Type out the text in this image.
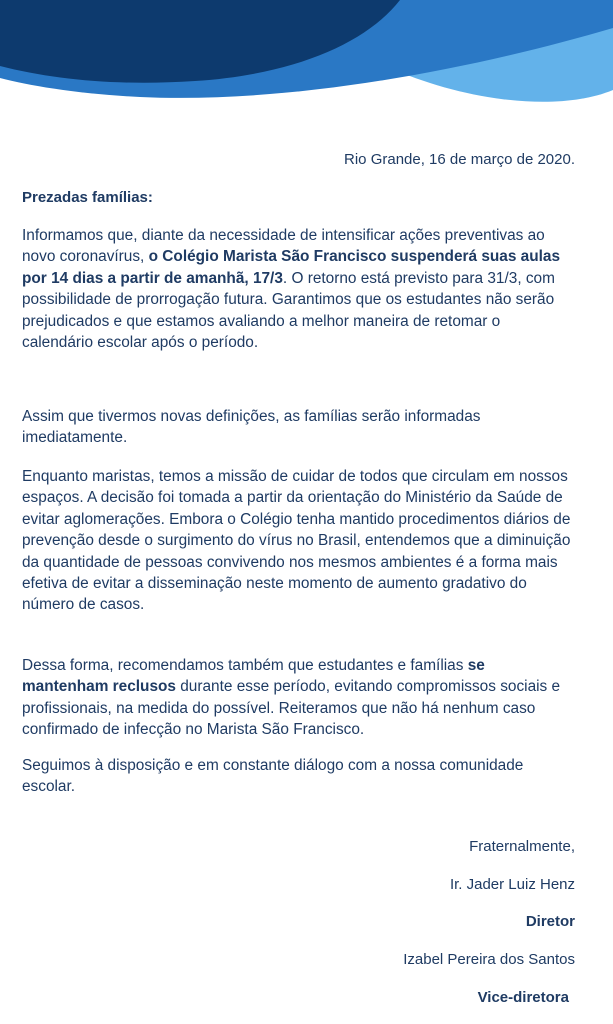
Rio Grande, 16 de março de 2020.
Prezadas famílias:

Informamos que, diante da necessidade de intensificar ações preventivas ao novo coronavírus, o Colégio Marista São Francisco suspenderá suas aulas por 14 dias a partir de amanhã, 17/3. O retorno está previsto para 31/3, com possibilidade de prorrogação futura. Garantimos que os estudantes não serão prejudicados e que estamos avaliando a melhor maneira de retomar o calendário escolar após o período.

Assim que tivermos novas definições, as famílias serão informadas imediatamente.

Enquanto maristas, temos a missão de cuidar de todos que circulam em nossos espaços. A decisão foi tomada a partir da orientação do Ministério da Saúde de evitar aglomerações. Embora o Colégio tenha mantido procedimentos diários de prevenção desde o surgimento do vírus no Brasil, entendemos que a diminuição da quantidade de pessoas convivendo nos mesmos ambientes é a forma mais efetiva de evitar a disseminação neste momento de aumento gradativo do número de casos.

Dessa forma, recomendamos também que estudantes e famílias se mantenham reclusos durante esse período, evitando compromissos sociais e profissionais, na medida do possível. Reiteramos que não há nenhum caso confirmado de infecção no Marista São Francisco.

Seguimos à disposição e em constante diálogo com a nossa comunidade escolar.

Fraternalmente,
Ir. Jader Luiz Henz
Diretor
Izabel Pereira dos Santos
Vice-diretora
